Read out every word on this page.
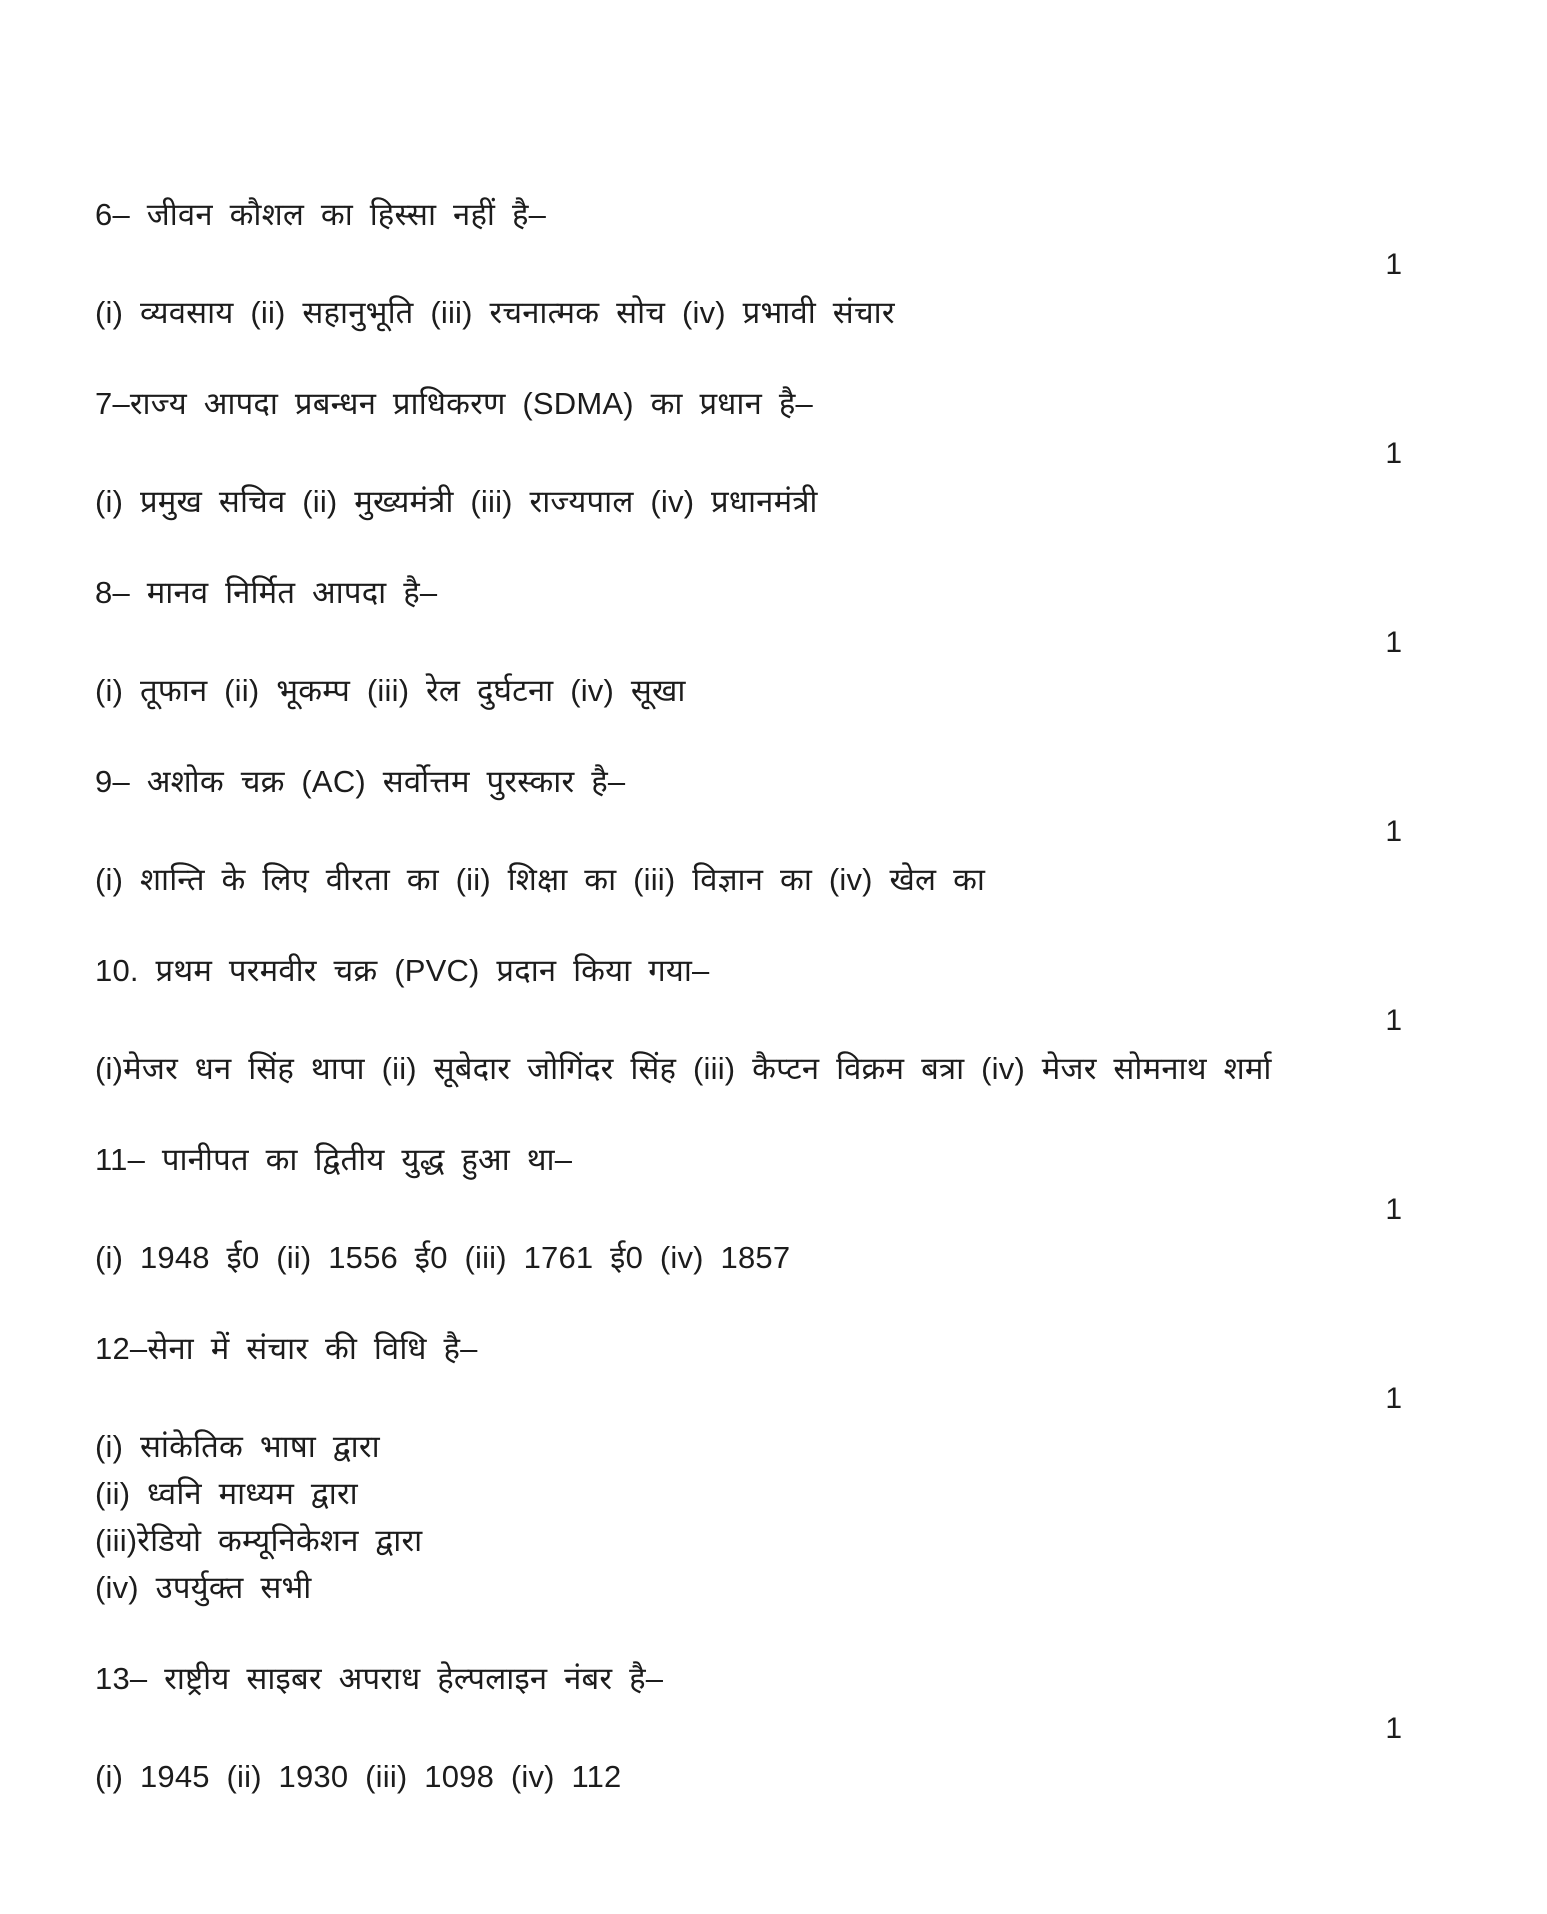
6– जीवन कौशल का हिस्सा नहीं है–
1
(i) व्यवसाय (ii) सहानुभूति (iii) रचनात्मक सोच (iv) प्रभावी संचार
7–राज्य आपदा प्रबन्धन प्राधिकरण (SDMA) का प्रधान है–
1
(i) प्रमुख सचिव (ii) मुख्यमंत्री (iii) राज्यपाल (iv) प्रधानमंत्री
8– मानव निर्मित आपदा है–
1
(i) तूफान (ii) भूकम्प (iii) रेल दुर्घटना (iv) सूखा
9– अशोक चक्र (AC) सर्वोत्तम पुरस्कार है–
1
(i) शान्ति के लिए वीरता का (ii) शिक्षा का (iii) विज्ञान का (iv) खेल का
10. प्रथम परमवीर चक्र (PVC) प्रदान किया गया–
1
(i)मेजर धन सिंह थापा (ii) सूबेदार जोगिंदर सिंह (iii) कैप्टन विक्रम बत्रा (iv) मेजर सोमनाथ शर्मा
11– पानीपत का द्वितीय युद्ध हुआ था–
1
(i) 1948 ई0 (ii) 1556 ई0 (iii) 1761 ई0 (iv) 1857
12–सेना में संचार की विधि है–
1
(i) सांकेतिक भाषा द्वारा
(ii) ध्वनि माध्यम द्वारा
(iii)रेडियो कम्यूनिकेशन द्वारा
(iv) उपर्युक्त सभी
13– राष्ट्रीय साइबर अपराध हेल्पलाइन नंबर है–
1
(i) 1945 (ii) 1930 (iii) 1098 (iv) 112
